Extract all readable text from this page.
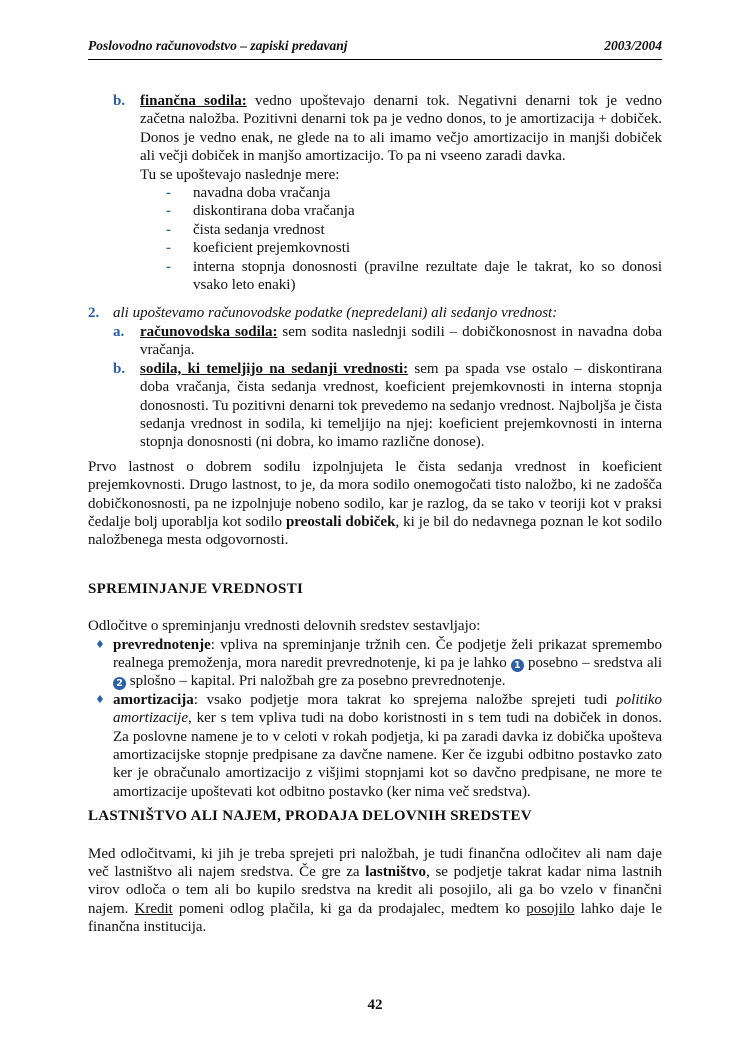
Poslovodno računovodstvo – zapiski predavanj	2003/2004
b. finančna sodila: vedno upoštevajo denarni tok. Negativni denarni tok je vedno začetna naložba. Pozitivni denarni tok pa je vedno donos, to je amortizacija + dobiček. Donos je vedno enak, ne glede na to ali imamo večjo amortizacijo in manjši dobiček ali večji dobiček in manjšo amortizacijo. To pa ni vseeno zaradi davka.

Tu se upoštevajo naslednje mere:

-	navadna doba vračanja
-	diskontirana doba vračanja
-	čista sedanja vrednost
-	koeficient prejemkovnosti
-	interna stopnja donosnosti (pravilne rezultate daje le takrat, ko so donosi vsako leto enaki)
2. ali upoštevamo računovodske podatke (nepredelani) ali sedanjo vrednost:

a.	računovodska sodila: sem sodita naslednji sodili – dobičkonosnost in navadna doba vračanja.

b. sodila, ki temeljijo na sedanji vrednosti: sem pa spada vse ostalo – diskontirana doba vračanja, čista sedanja vrednost, koeficient prejemkovnosti in interna stopnja donosnosti. Tu pozitivni denarni tok prevedemo na sedanjo vrednost. Najboljša je čista sedanja vrednost in sodila, ki temeljijo na njej: koeficient prejemkovnosti in interna stopnja donosnosti (ni dobra, ko imamo različne donose).

Prvo lastnost o dobrem sodilu izpolnjujeta le čista sedanja vrednost in koeficient prejemkovnosti. Drugo lastnost, to je, da mora sodilo onemogočati tisto naložbo, ki ne zadošča dobičkonosnosti, pa ne izpolnjuje nobeno sodilo, kar je razlog, da se tako v teoriji kot v praksi čedalje bolj uporablja kot sodilo preostali dobiček, ki je bil do nedavnega poznan le kot sodilo naložbenega mesta odgovornosti.

SPREMINJANJE VREDNOSTI

Odločitve o spreminjanju vrednosti delovnih sredstev sestavljajo:

♦ prevrednotenje: vpliva na spreminjanje tržnih cen. Če podjetje želi prikazat spremembo realnega premoženja, mora naredit prevrednotenje, ki pa je lahko 1 posebno – sredstva ali 2 splošno – kapital. Pri naložbah gre za posebno prevrednotenje.

♦ amortizacija: vsako podjetje mora takrat ko sprejema naložbe sprejeti tudi politiko amortizacije, ker s tem vpliva tudi na dobo koristnosti in s tem tudi na dobiček in donos. Za poslovne namene je to v celoti v rokah podjetja, ki pa zaradi davka iz dobička upošteva amortizacijske stopnje predpisane za davčne namene. Ker če izgubi odbitno postavko zato ker je obračunalo amortizacijo z višjimi stopnjami kot so davčno predpisane, ne more te amortizacije upoštevati kot odbitno postavko (ker nima več sredstva).

LASTNIŠTVO ALI NAJEM, PRODAJA DELOVNIH SREDSTEV

Med odločitvami, ki jih je treba sprejeti pri naložbah, je tudi finančna odločitev ali nam daje več lastništvo ali najem sredstva. Če gre za lastništvo, se podjetje takrat kadar nima lastnih virov odloča o tem ali bo kupilo sredstva na kredit ali posojilo, ali ga bo vzelo v finančni najem. Kredit pomeni odlog plačila, ki ga da prodajalec, medtem ko posojilo lahko daje le finančna institucija.

42
